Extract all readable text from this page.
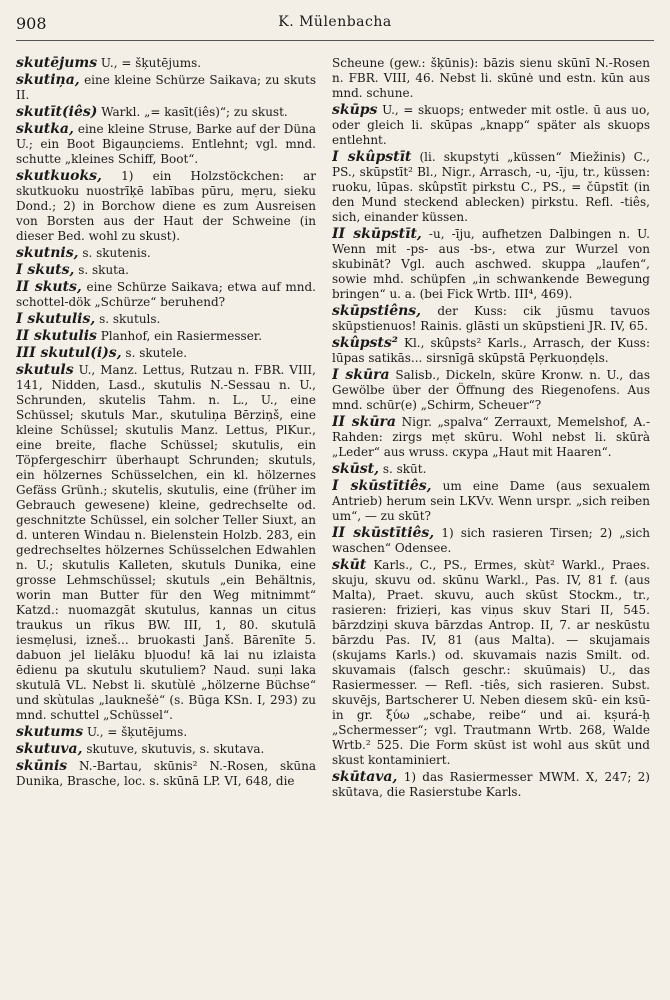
908	K. Mülenbacha

skutējums U., = šķutējums.

skutiņa, eine kleine Schürze Saikava; zu skuts II.

skutīt(iês) Warkl. „= kasīt(iês)“; zu skust.

skutka, eine kleine Struse, Barke auf der Düna U.; ein Boot Bigauņciems. Entlehnt; vgl. mnd. schutte „kleines Schiff, Boot“.

skutkuoks, 1) ein Holzstöckchen: ar skutkuoku nuostrīķē labības pūru, mẹru, sieku Dond.; 2) in Borchow diene es zum Ausreisen von Borsten aus der Haut der Schweine (in dieser Bed. wohl zu skust).

skutnis, s. skutenis.

I skuts, s. skuta.

II skuts, eine Schürze Saikava; etwa auf mnd. schottel-dök „Schürze“ beruhend?

I skutulis, s. skutuls.

II skutulis Planhof, ein Rasiermesser.

III skutul(i)s, s. skutele.

skutuls U., Manz. Lettus, Rutzau n. FBR. VIII, 141, Nidden, Lasd., skutulis N.-Sessau n. U., Schrunden, skutelis Tahm. n. L., U., eine Schüssel; skutuls Mar., skutuliņa Bērziņš, eine kleine Schüssel; skutulis Manz. Lettus, PlKur., eine breite, flache Schüssel; skutulis, ein Töpfergeschirr überhaupt Schrunden; skutuls, ein hölzernes Schüsselchen, ein kl. hölzernes Gefäss Grünh.; skutelis, skutulis, eine (früher im Gebrauch gewesene) kleine, gedrechselte od. geschnitzte Schüssel, ein solcher Teller Siuxt, an d. unteren Windau n. Bielenstein Holzb. 283, ein gedrechseltes hölzernes Schüsselchen Edwahlen n. U.; skutulis Kalleten, skutuls Dunika, eine grosse Lehmschüssel; skutuls „ein Behältnis, worin man Butter für den Weg mitnimmt“ Katzd.: nuomazgāt skutulus, kannas un citus traukus un rīkus BW. III, 1, 80. skutulā iesmẹlusi, izneš... bruokasti Janš. Bārenīte 5. dabuon jel lielāku bļuodu! kā lai nu izlaista ēdienu pa skutulu skutuliem? Naud. suņi laka skutulā VL. Nebst li. skutùlė „hölzerne Büchse“ und skùtulas „lauknešė“ (s. Būga KSn. I, 293) zu mnd. schuttel „Schüssel“.

skutums U., = šķutējums.

skutuva, skutuve, skutuvis, s. skutava.

skūnis N.-Bartau, skūnis² N.-Rosen, skūna Dunika, Brasche, loc. s. skūnā LP. VI, 648, die

Scheune (gew.: šķūnis): bāzis sienu skūnī N.-Rosen n. FBR. VIII, 46. Nebst li. skūnė und estn. kūn aus mnd. schune.

skūps U., = skuops; entweder mit ostle. ū aus uo, oder gleich li. skūpas „knapp“ später als skuops entlehnt.

I skûpstīt (li. skupstyti „küssen“ Miežinis) C., PS., skūpstīt² Bl., Nigr., Arrasch, -u, -īju, tr., küssen: ruoku, lūpas. skûpstīt pirkstu C., PS., = čūpstīt (in den Mund steckend ablecken) pirkstu. Refl. -tiês, sich, einander küssen.

II skūpstīt, -u, -īju, aufhetzen Dalbingen n. U. Wenn mit -ps- aus -bs-, etwa zur Wurzel von skubināt? Vgl. auch aschwed. skuppa „laufen“, sowie mhd. schüpfen „in schwankende Bewegung bringen“ u. a. (bei Fick Wrtb. III⁴, 469).

skūpstiêns, der Kuss: cik jūsmu tavuos skūpstienuos! Rainis. glāsti un skūpstieni JR. IV, 65.

skûpsts² Kl., skûpsts² Karls., Arrasch, der Kuss: lūpas satikās... sirsnīgā skūpstā Pẹrkuoņdẹls.

I skūra Salisb., Dickeln, skūre Kronw. n. U., das Gewölbe über der Öffnung des Riegenofens. Aus mnd. schūr(e) „Schirm, Scheuer“?

II skūra Nigr. „spalva“ Zerrauxt, Memelshof, A.-Rahden: zirgs mẹt skūru. Wohl nebst li. skūrà „Leder“ aus wruss. скура „Haut mit Haaren“.

skūst, s. skūt.

I skūstītiês, um eine Dame (aus sexualem Antrieb) herum sein LKVv. Wenn urspr. „sich reiben um“, — zu skūt?

II skūstītiês, 1) sich rasieren Tirsen; 2) „sich waschen“ Odensee.

skūt Karls., C., PS., Ermes, skùt² Warkl., Praes. skuju, skuvu od. skūnu Warkl., Pas. IV, 81 f. (aus Malta), Praet. skuvu, auch skūst Stockm., tr., rasieren: frizieŗi, kas viņus skuv Stari II, 545. bārzdziņi skuva bārzdas Antrop. II, 7. ar neskūstu bārzdu Pas. IV, 81 (aus Malta). — skujamais (skujams Karls.) od. skuvamais nazis Smilt. od. skuvamais (falsch geschr.: skuūmais) U., das Rasiermesser. — Refl. -tiês, sich rasieren. Subst. skuvējs, Bartscherer U. Neben diesem skū- ein ksū- in gr. ξύω „schabe, reibe“ und ai. kṣurá-ḥ „Schermesser“; vgl. Trautmann Wrtb. 268, Walde Wrtb.² 525. Die Form skūst ist wohl aus skūt und skust kontaminiert.

skūtava, 1) das Rasiermesser MWM. X, 247; 2) skūtava, die Rasierstube Karls.
